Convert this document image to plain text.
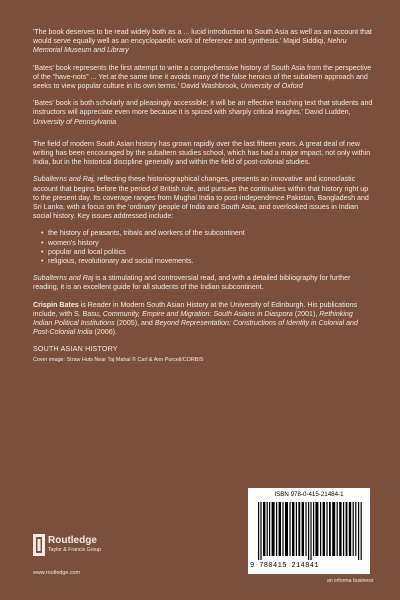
'The book deserves to be read widely both as a ... lucid introduction to South Asia as well as an account that would serve equally well as an encyclopaedic work of reference and synthesis.' Majid Siddiqi, Nehru Memorial Museum and Library

'Bates' book represents the first attempt to write a comprehensive history of South Asia from the perspective of the “have-nots” ... Yet at the same time it avoids many of the false heroics of the subaltern approach and seeks to view popular culture in its own terms.' David Washbrook, University of Oxford

'Bates' book is both scholarly and pleasingly accessible; it will be an effective teaching text that students and instructors will appreciate even more because it is spiced with sharply critical insights.' David Ludden, University of Pennsylvania

The field of modern South Asian history has grown rapidly over the last fifteen years. A great deal of new writing has been encouraged by the subaltern studies school, which has had a major impact, not only within India, but in the historical discipline generally and within the field of post-colonial studies.

Subalterns and Raj, reflecting these historiographical changes, presents an innovative and iconoclastic account that begins before the period of British rule, and pursues the continuities within that history right up to the present day. Its coverage ranges from Mughal India to post-independence Pakistan, Bangladesh and Sri Lanka, with a focus on the ‘ordinary’ people of India and South Asia, and overlooked issues in Indian social history. Key issues addressed include:

• the history of peasants, tribals and workers of the subcontinent
• women's history
• popular and local politics
• religious, revolutionary and social movements.

Subalterns and Raj is a stimulating and controversial read, and with a detailed bibliography for further reading, it is an excellent guide for all students of the Indian subcontinent.

Crispin Bates is Reader in Modern South Asian History at the University of Edinburgh. His publications include, with S. Basu, Community, Empire and Migration: South Asians in Diaspora (2001), Rethinking Indian Political Institutions (2005), and Beyond Representation: Constructions of Identity in Colonial and Post-Colonial India (2006).

SOUTH ASIAN HISTORY
Cover image: Straw Huts Near Taj Mahal © Carl & Ann Purcell/CORBIS
ISBN 978-0-415-21484-1
9 780415 214841
Routledge
Taylor & Francis Group
www.routledge.com
an informa business
